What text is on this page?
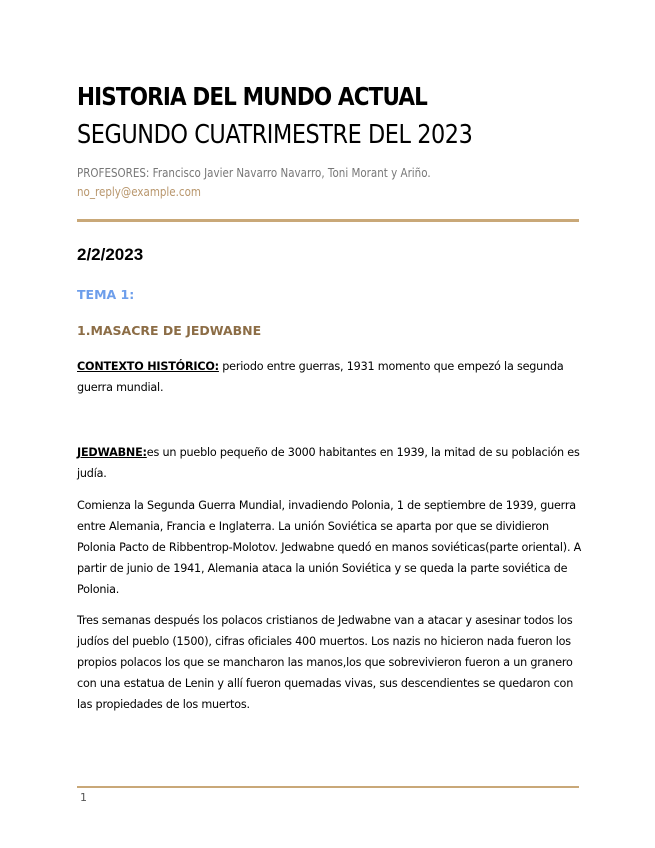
HISTORIA DEL MUNDO ACTUAL
SEGUNDO CUATRIMESTRE DEL 2023
PROFESORES: Francisco Javier Navarro Navarro, Toni Morant y Ariño.
no_reply@example.com
2/2/2023
TEMA 1:
1.MASACRE DE JEDWABNE
CONTEXTO HISTÓRICO: periodo entre guerras, 1931 momento que empezó la segunda guerra mundial.
JEDWABNE:es un pueblo pequeño de 3000 habitantes en 1939, la mitad de su población es judía.
Comienza la Segunda Guerra Mundial, invadiendo Polonia, 1 de septiembre de 1939, guerra entre Alemania, Francia e Inglaterra. La unión Soviética se aparta por que se dividieron Polonia Pacto de Ribbentrop-Molotov. Jedwabne quedó en manos soviéticas(parte oriental). A partir de junio de 1941, Alemania ataca la unión Soviética y se queda la parte soviética de Polonia.
Tres semanas después los polacos cristianos de Jedwabne van a atacar y asesinar todos los judíos del pueblo (1500), cifras oficiales 400 muertos. Los nazis no hicieron nada fueron los propios polacos los que se mancharon las manos,los que sobrevivieron fueron a un granero con una estatua de Lenin y allí fueron quemadas vivas, sus descendientes se quedaron con las propiedades de los muertos.
1
